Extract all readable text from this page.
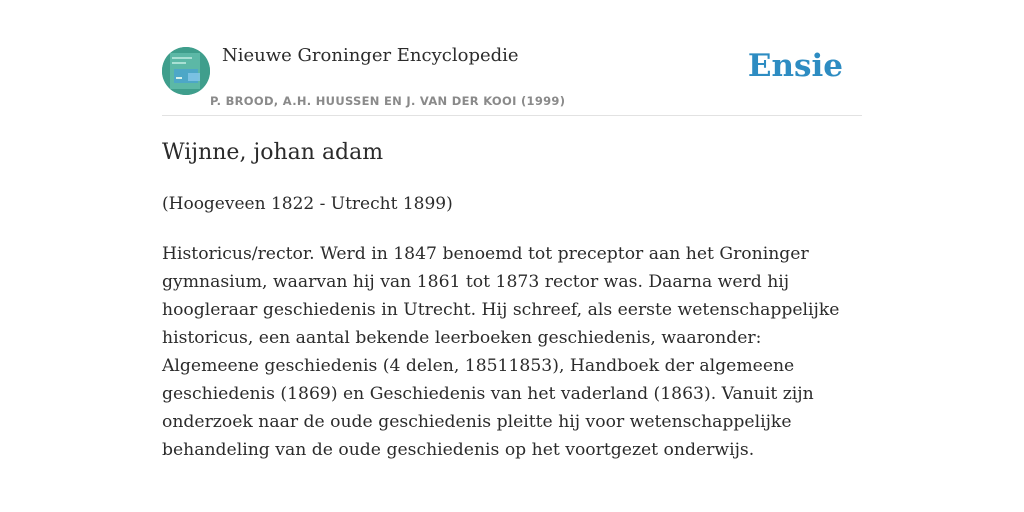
Nieuwe Groninger Encyclopedie
P. BROOD, A.H. HUUSSEN EN J. VAN DER KOOI (1999)
Ensie
Wijnne, johan adam

(Hoogeveen 1822 - Utrecht 1899)

Historicus/rector. Werd in 1847 benoemd tot preceptor aan het Groninger gymnasium, waarvan hij van 1861 tot 1873 rector was. Daarna werd hij hoogleraar geschiedenis in Utrecht. Hij schreef, als eerste wetenschappelijke historicus, een aantal bekende leerboeken geschiedenis, waaronder: Algemeene geschiedenis (4 delen, 18511853), Handboek der algemeene geschiedenis (1869) en Geschiedenis van het vaderland (1863). Vanuit zijn onderzoek naar de oude geschiedenis pleitte hij voor wetenschappelijke behandeling van de oude geschiedenis op het voortgezet onderwijs.
